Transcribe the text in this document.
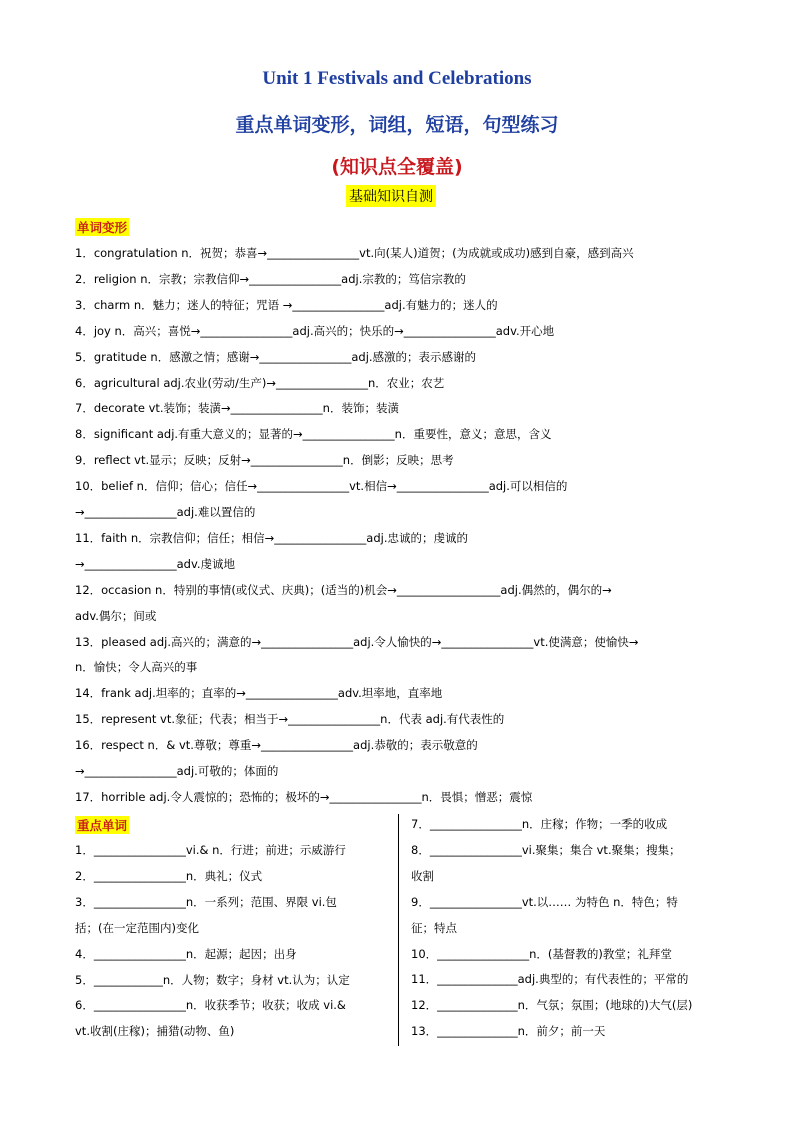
Unit 1 Festivals and Celebrations
重点单词变形，词组，短语，句型练习
(知识点全覆盖)
基础知识自测
单词变形
1．congratulation n．祝贺；恭喜→________________vt.向(某人)道贺；(为成就或成功)感到自豪，感到高兴
2．religion n．宗教；宗教信仰→________________adj.宗教的；笃信宗教的
3．charm n．魅力；迷人的特征；咒语 →________________adj.有魅力的；迷人的
4．joy n．高兴；喜悦→________________adj.高兴的；快乐的→________________adv.开心地
5．gratitude n．感激之情；感谢→________________adj.感激的；表示感谢的
6．agricultural adj.农业(劳动/生产)→________________n．农业；农艺
7．decorate vt.装饰；装潢→________________n．装饰；装潢
8．significant adj.有重大意义的；显著的→________________n．重要性，意义；意思，含义
9．reflect vt.显示；反映；反射→________________n．倒影；反映；思考
10．belief n．信仰；信心；信任→________________vt.相信→________________adj.可以相信的
→________________adj.难以置信的
11．faith n．宗教信仰；信任；相信→________________adj.忠诚的；虔诚的
→________________adv.虔诚地
12．occasion n．特别的事情(或仪式、庆典)；(适当的)机会→__________________adj.偶然的，偶尔的→
adv.偶尔；间或
13．pleased adj.高兴的；满意的→________________adj.令人愉快的→________________vt.使满意；使愉快→
n．愉快；令人高兴的事
14．frank adj.坦率的；直率的→________________adv.坦率地，直率地
15．represent vt.象征；代表；相当于→________________n．代表 adj.有代表性的
16．respect n．& vt.尊敬；尊重→________________adj.恭敬的；表示敬意的
→________________adj.可敬的；体面的
17．horrible adj.令人震惊的；恐怖的；极坏的→________________n．畏惧；憎恶；震惊
重点单词
1．________________vi.& n．行进；前进；示威游行
2．________________n．典礼；仪式
3．________________n．一系列；范围、界限 vi.包
括；(在一定范围内)变化
4．________________n．起源；起因；出身
5．____________n．人物；数字；身材 vt.认为；认定
6．________________n．收获季节；收获；收成 vi.&
vt.收割(庄稼)；捕猎(动物、鱼)
7．________________n．庄稼；作物；一季的收成
8．________________vi.聚集；集合 vt.聚集；搜集；
收割
9．________________vt.以…… 为特色 n．特色；特
征；特点
10．________________n．(基督教的)教堂；礼拜堂
11．______________adj.典型的；有代表性的；平常的
12．______________n．气氛；氛围；(地球的)大气(层)
13．______________n．前夕；前一天
